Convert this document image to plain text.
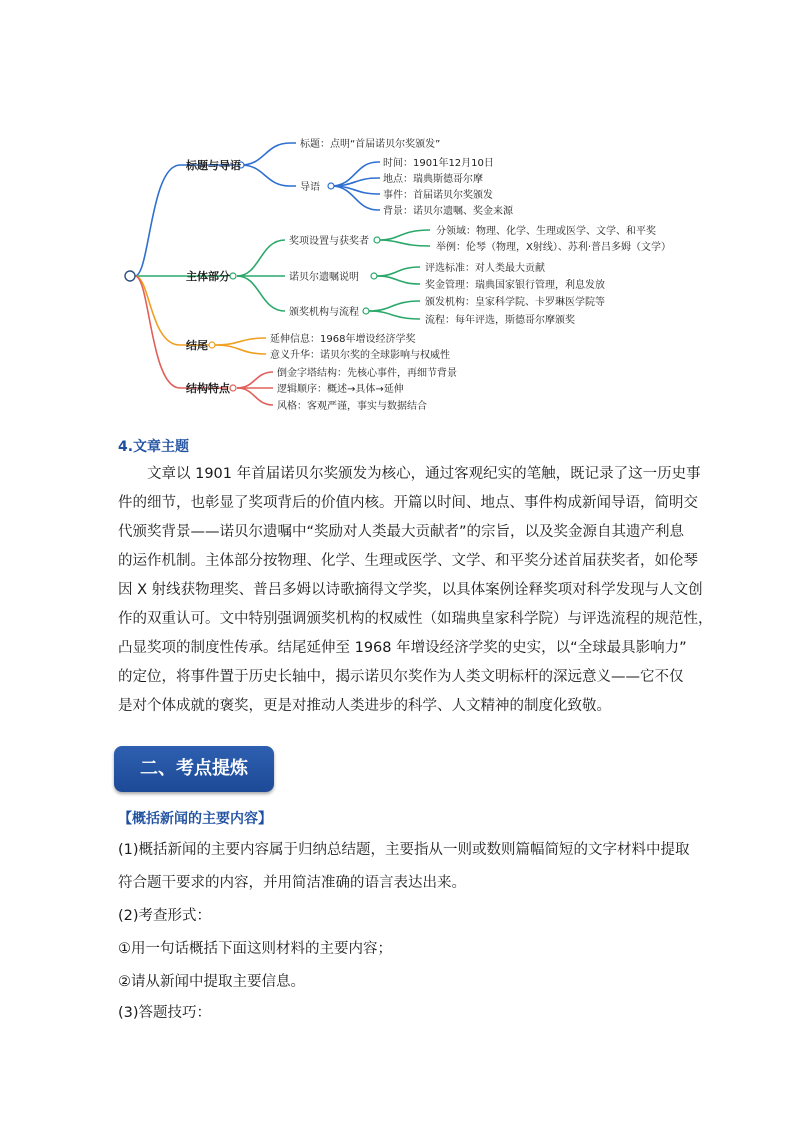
标题与导语
主体部分
结尾
结构特点
标题：点明“首届诺贝尔奖颁发”
导语
时间：1901年12月10日
地点：瑞典斯德哥尔摩
事件：首届诺贝尔奖颁发
背景：诺贝尔遗嘱、奖金来源
奖项设置与获奖者
诺贝尔遗嘱说明
颁奖机构与流程
分领域：物理、化学、生理或医学、文学、和平奖
举例：伦琴（物理，X射线）、苏利·普吕多姆（文学）
评选标准：对人类最大贡献
奖金管理：瑞典国家银行管理，利息发放
颁发机构：皇家科学院、卡罗琳医学院等
流程：每年评选，斯德哥尔摩颁奖
延伸信息：1968年增设经济学奖
意义升华：诺贝尔奖的全球影响与权威性
倒金字塔结构：先核心事件，再细节背景
逻辑顺序：概述→具体→延伸
风格：客观严谨，事实与数据结合
4.文章主题
文章以 1901 年首届诺贝尔奖颁发为核心，通过客观纪实的笔触，既记录了这一历史事
件的细节，也彰显了奖项背后的价值内核。开篇以时间、地点、事件构成新闻导语，简明交
代颁奖背景——诺贝尔遗嘱中“奖励对人类最大贡献者”的宗旨，以及奖金源自其遗产利息
的运作机制。主体部分按物理、化学、生理或医学、文学、和平奖分述首届获奖者，如伦琴
因 X 射线获物理奖、普吕多姆以诗歌摘得文学奖，以具体案例诠释奖项对科学发现与人文创
作的双重认可。文中特别强调颁奖机构的权威性（如瑞典皇家科学院）与评选流程的规范性，
凸显奖项的制度性传承。结尾延伸至 1968 年增设经济学奖的史实，以“全球最具影响力”
的定位，将事件置于历史长轴中，揭示诺贝尔奖作为人类文明标杆的深远意义——它不仅
是对个体成就的褒奖，更是对推动人类进步的科学、人文精神的制度化致敬。
二、考点提炼
【概括新闻的主要内容】
(1)概括新闻的主要内容属于归纳总结题，主要指从一则或数则篇幅简短的文字材料中提取
符合题干要求的内容，并用简洁准确的语言表达出来。
(2)考查形式：
①用一句话概括下面这则材料的主要内容；
②请从新闻中提取主要信息。
(3)答题技巧：
